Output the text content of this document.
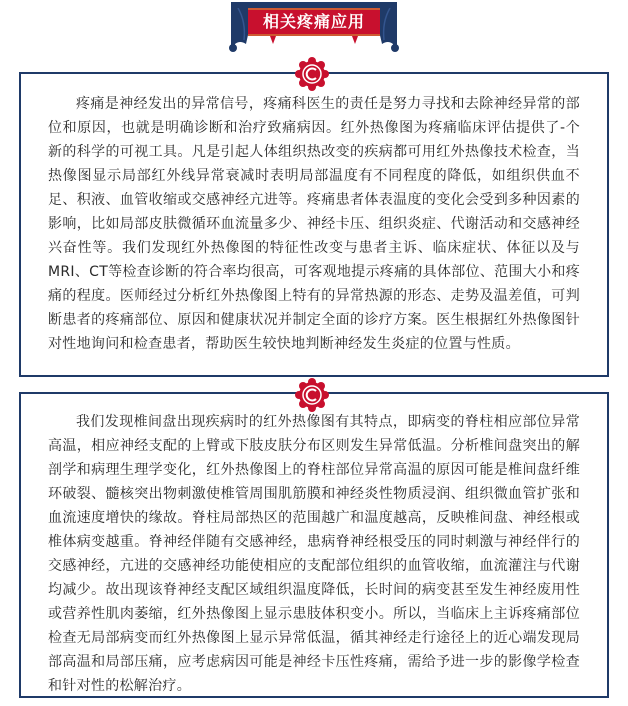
相关疼痛应用

疼痛是神经发出的异常信号，疼痛科医生的责任是努力寻找和去除神经异常的部位和原因，也就是明确诊断和治疗致痛病因。红外热像图为疼痛临床评估提供了-个新的科学的可视工具。凡是引起人体组织热改变的疾病都可用红外热像技术检查，当热像图显示局部红外线异常衰减时表明局部温度有不同程度的降低，如组织供血不足、积液、血管收缩或交感神经亢进等。疼痛患者体表温度的变化会受到多种因素的影响，比如局部皮肤微循环血流量多少、神经卡压、组织炎症、代谢活动和交感神经兴奋性等。我们发现红外热像图的特征性改变与患者主诉、临床症状、体征以及与MRI、CT等检查诊断的符合率均很高，可客观地提示疼痛的具体部位、范围大小和疼痛的程度。医师经过分析红外热像图上特有的异常热源的形态、走势及温差值，可判断患者的疼痛部位、原因和健康状况并制定全面的诊疗方案。医生根据红外热像图针对性地询问和检查患者，帮助医生较快地判断神经发生炎症的位置与性质。

我们发现椎间盘出现疾病时的红外热像图有其特点，即病变的脊柱相应部位异常高温，相应神经支配的上臂或下肢皮肤分布区则发生异常低温。分析椎间盘突出的解剖学和病理生理学变化，红外热像图上的脊柱部位异常高温的原因可能是椎间盘纤维环破裂、髓核突出物刺激使椎管周围肌筋膜和神经炎性物质浸润、组织微血管扩张和血流速度增快的缘故。脊柱局部热区的范围越广和温度越高，反映椎间盘、神经根或椎体病变越重。脊神经伴随有交感神经，患病脊神经根受压的同时刺激与神经伴行的交感神经，亢进的交感神经功能使相应的支配部位组织的血管收缩，血流灌注与代谢均减少。故出现该脊神经支配区域组织温度降低，长时间的病变甚至发生神经废用性或营养性肌肉萎缩，红外热像图上显示患肢体积变小。所以，当临床上主诉疼痛部位检查无局部病变而红外热像图上显示异常低温，循其神经走行途径上的近心端发现局部高温和局部压痛，应考虑病因可能是神经卡压性疼痛，需给予进一步的影像学检查和针对性的松解治疗。
